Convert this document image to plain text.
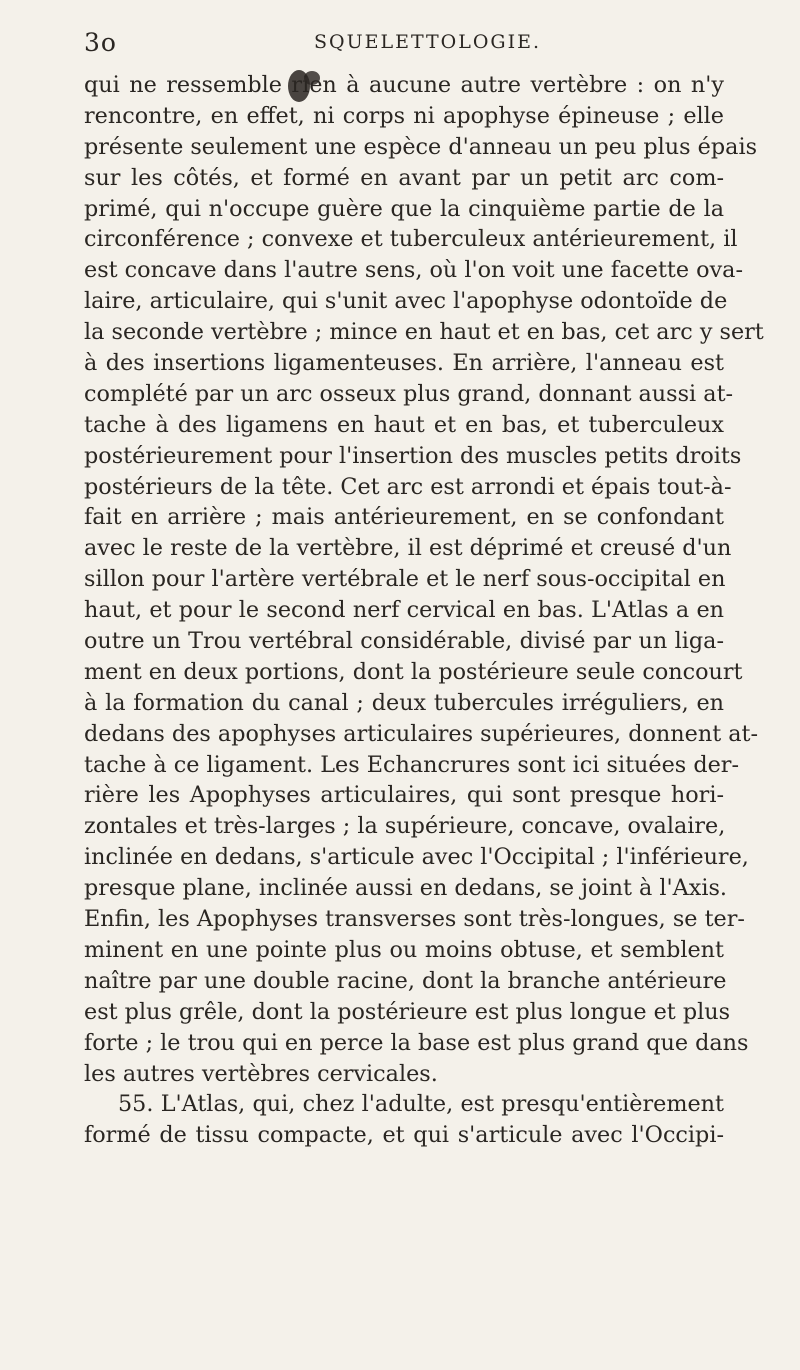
3o	SQUELETTOLOGIE.
qui ne ressemble rien à aucune autre vertèbre : on n'y
rencontre, en effet, ni corps ni apophyse épineuse ; elle
présente seulement une espèce d'anneau un peu plus épais
sur les côtés, et formé en avant par un petit arc com-
primé, qui n'occupe guère que la cinquième partie de la
circonférence ; convexe et tuberculeux antérieurement, il
est concave dans l'autre sens, où l'on voit une facette ova-
laire, articulaire, qui s'unit avec l'apophyse odontoïde de
la seconde vertèbre ; mince en haut et en bas, cet arc y sert
à des insertions ligamenteuses. En arrière, l'anneau est
complété par un arc osseux plus grand, donnant aussi at-
tache à des ligamens en haut et en bas, et tuberculeux
postérieurement pour l'insertion des muscles petits droits
postérieurs de la tête. Cet arc est arrondi et épais tout-à-
fait en arrière ; mais antérieurement, en se confondant
avec le reste de la vertèbre, il est déprimé et creusé d'un
sillon pour l'artère vertébrale et le nerf sous-occipital en
haut, et pour le second nerf cervical en bas. L'Atlas a en
outre un Trou vertébral considérable, divisé par un liga-
ment en deux portions, dont la postérieure seule concourt
à la formation du canal ; deux tubercules irréguliers, en
dedans des apophyses articulaires supérieures, donnent at-
tache à ce ligament. Les Echancrures sont ici situées der-
rière les Apophyses articulaires, qui sont presque hori-
zontales et très-larges ; la supérieure, concave, ovalaire,
inclinée en dedans, s'articule avec l'Occipital ; l'inférieure,
presque plane, inclinée aussi en dedans, se joint à l'Axis.
Enfin, les Apophyses transverses sont très-longues, se ter-
minent en une pointe plus ou moins obtuse, et semblent
naître par une double racine, dont la branche antérieure
est plus grêle, dont la postérieure est plus longue et plus
forte ; le trou qui en perce la base est plus grand que dans
les autres vertèbres cervicales.
55. L'Atlas, qui, chez l'adulte, est presqu'entièrement
formé de tissu compacte, et qui s'articule avec l'Occipi-
